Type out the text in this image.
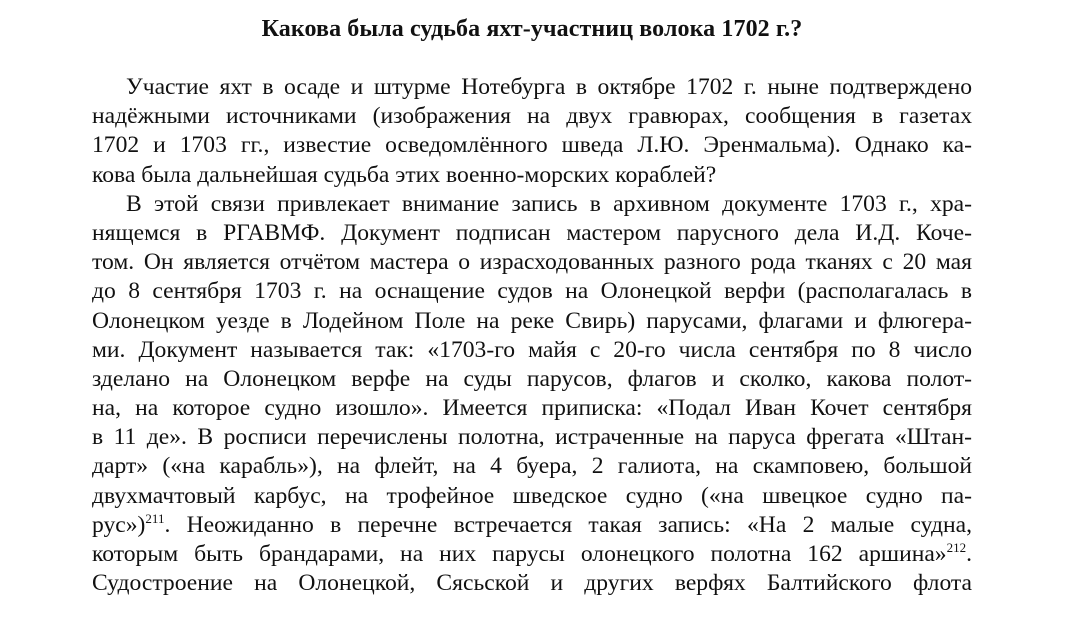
Какова была судьба яхт-участниц волока 1702 г.?
Участие яхт в осаде и штурме Нотебурга в октябре 1702 г. ныне подтверждено
надёжными источниками (изображения на двух гравюрах, сообщения в газетах
1702 и 1703 гг., известие осведомлённого шведа Л.Ю. Эренмальма). Однако ка-
кова была дальнейшая судьба этих военно-морских кораблей?
В этой связи привлекает внимание запись в архивном документе 1703 г., хра-
нящемся в РГАВМФ. Документ подписан мастером парусного дела И.Д. Коче-
том. Он является отчётом мастера о израсходованных разного рода тканях с 20 мая
до 8 сентября 1703 г. на оснащение судов на Олонецкой верфи (располагалась в
Олонецком уезде в Лодейном Поле на реке Свирь) парусами, флагами и флюгера-
ми. Документ называется так: «1703-го майя с 20-го числа сентября по 8 число
зделано на Олонецком верфе на суды парусов, флагов и сколко, какова полот-
на, на которое судно изошло». Имеется приписка: «Подал Иван Кочет сентября
в 11 де». В росписи перечислены полотна, истраченные на паруса фрегата «Штан-
дарт» («на карабль»), на флейт, на 4 буера, 2 галиота, на скамповею, большой
двухмачтовый карбус, на трофейное шведское судно («на швецкое судно па-
рус»)$^{211}$. Неожиданно в перечне встречается такая запись: «На 2 малые судна,
которым быть брандарами, на них парусы олонецкого полотна 162 аршина»$^{212}$.
Судостроение на Олонецкой, Сясьской и других верфях Балтийского флота
